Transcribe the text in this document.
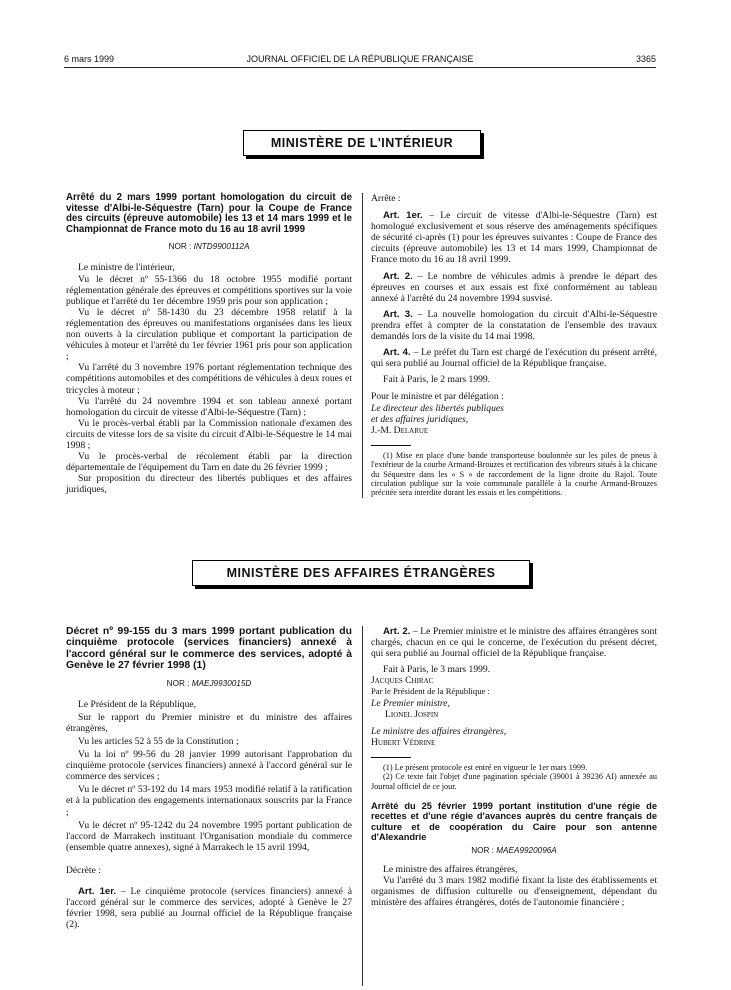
6 mars 1999	JOURNAL OFFICIEL DE LA RÉPUBLIQUE FRANÇAISE	3365
MINISTÈRE DE L'INTÉRIEUR

Arrêté du 2 mars 1999 portant homologation du circuit de vitesse d'Albi-le-Séquestre (Tarn) pour la Coupe de France des circuits (épreuve automobile) les 13 et 14 mars 1999 et le Championnat de France moto du 16 au 18 avril 1999

NOR : INTD9900112A

Le ministre de l'intérieur,

Vu le décret nº 55-1366 du 18 octobre 1955 modifié portant réglementation générale des épreuves et compétitions sportives sur la voie publique et l'arrêté du 1er décembre 1959 pris pour son application ;

Vu le décret nº 58-1430 du 23 décembre 1958 relatif à la réglementation des épreuves ou manifestations organisées dans les lieux non ouverts à la circulation publique et comportant la participation de véhicules à moteur et l'arrêté du 1er février 1961 pris pour son application ;

Vu l'arrêté du 3 novembre 1976 portant réglementation technique des compétitions automobiles et des compétitions de véhicules à deux roues et tricycles à moteur ;

Vu l'arrêté du 24 novembre 1994 et son tableau annexé portant homologation du circuit de vitesse d'Albi-le-Séquestre (Tarn) ;

Vu le procès-verbal établi par la Commission nationale d'examen des circuits de vitesse lors de sa visite du circuit d'Albi-le-Séquestre le 14 mai 1998 ;

Vu le procès-verbal de récolement établi par la direction départementale de l'équipement du Tarn en date du 26 février 1999 ;

Sur proposition du directeur des libertés publiques et des affaires juridiques,

Arrête :

Art. 1er. – Le circuit de vitesse d'Albi-le-Séquestre (Tarn) est homologué exclusivement et sous réserve des aménagements spécifiques de sécurité ci-après (1) pour les épreuves suivantes : Coupe de France des circuits (épreuve automobile) les 13 et 14 mars 1999, Championnat de France moto du 16 au 18 avril 1999.

Art. 2. – Le nombre de véhicules admis à prendre le départ des épreuves en courses et aux essais est fixé conformément au tableau annexé à l'arrêté du 24 novembre 1994 susvisé.

Art. 3. – La nouvelle homologation du circuit d'Albi-le-Séquestre prendra effet à compter de la constatation de l'ensemble des travaux demandés lors de la visite du 14 mai 1998.

Art. 4. – Le préfet du Tarn est chargé de l'exécution du présent arrêté, qui sera publié au Journal officiel de la République française.

Fait à Paris, le 2 mars 1999.

Pour le ministre et par délégation :

Le directeur des libertés publiques

et des affaires juridiques,

J.-M. Delarue

(1) Mise en place d'une bande transporteuse boulonnée sur les piles de pneus à l'extérieur de la courbe Armand-Brouzes et rectification des vibreurs situés à la chicane du Séquestre dans les « S » de raccordement de la ligne droite du Rajol. Toute circulation publique sur la voie communale parallèle à la courbe Armand-Brouzes précitée sera interdite durant les essais et les compétitions.

MINISTÈRE DES AFFAIRES ÉTRANGÈRES

Décret nº 99-155 du 3 mars 1999 portant publication du cinquième protocole (services financiers) annexé à l'accord général sur le commerce des services, adopté à Genève le 27 février 1998 (1)

NOR : MAEJ9930015D

Le Président de la République,

Sur le rapport du Premier ministre et du ministre des affaires étrangères,

Vu les articles 52 à 55 de la Constitution ;

Vu la loi nº 99-56 du 28 janvier 1999 autorisant l'approbation du cinquième protocole (services financiers) annexé à l'accord général sur le commerce des services ;

Vu le décret nº 53-192 du 14 mars 1953 modifié relatif à la ratification et à la publication des engagements internationaux souscrits par la France ;

Vu le décret nº 95-1242 du 24 novembre 1995 portant publication de l'accord de Marrakech instituant l'Organisation mondiale du commerce (ensemble quatre annexes), signé à Marrakech le 15 avril 1994,

Décrète :

Art. 1er. – Le cinquième protocole (services financiers) annexé à l'accord général sur le commerce des services, adopté à Genève le 27 février 1998, sera publié au Journal officiel de la République française (2).

Art. 2. – Le Premier ministre et le ministre des affaires étrangères sont chargés, chacun en ce qui le concerne, de l'exécution du présent décret, qui sera publié au Journal officiel de la République française.

Fait à Paris, le 3 mars 1999.

Jacques Chirac

Par le Président de la République :

Le Premier ministre,

Lionel Jospin

Le ministre des affaires étrangères,

Hubert Védrine

(1) Le présent protocole est entré en vigueur le 1er mars 1999.

(2) Ce texte fait l'objet d'une pagination spéciale (39001 à 39236 AI) annexée au Journal officiel de ce jour.

Arrêté du 25 février 1999 portant institution d'une régie de recettes et d'une régie d'avances auprès du centre français de culture et de coopération du Caire pour son antenne d'Alexandrie

NOR : MAEA9920096A

Le ministre des affaires étrangères,

Vu l'arrêté du 3 mars 1982 modifié fixant la liste des établissements et organismes de diffusion culturelle ou d'enseignement, dépendant du ministère des affaires étrangères, dotés de l'autonomie financière ;
